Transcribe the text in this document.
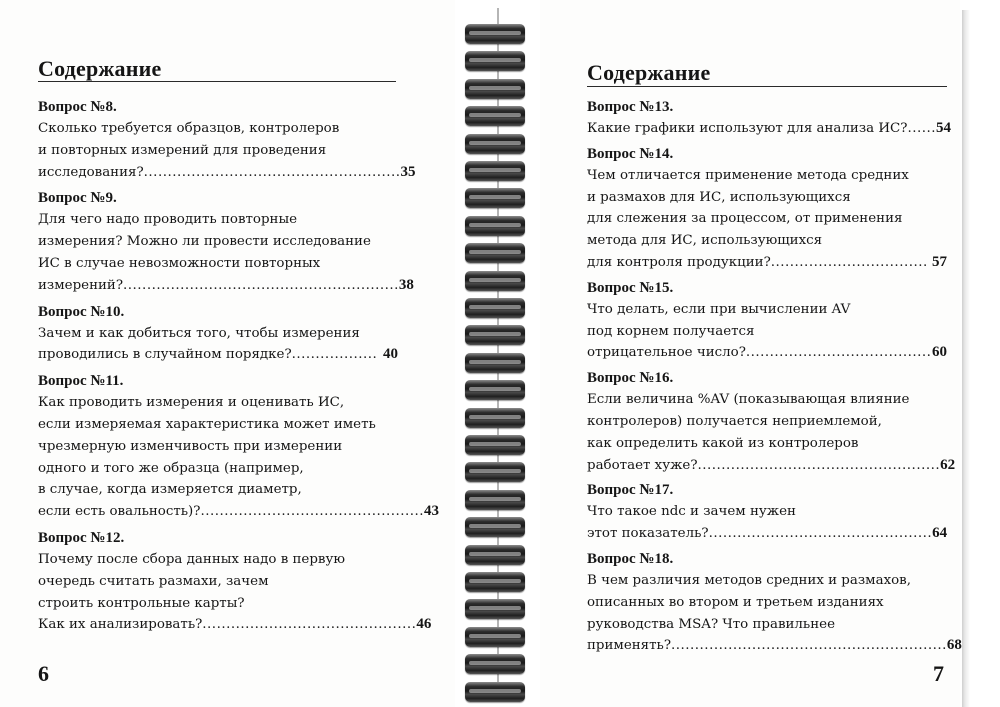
Содержание
Вопрос №8.
Сколько требуется образцов, контролеров
и повторных измерений для проведения
исследования? ...................................................... 35
Вопрос №9.
Для чего надо проводить повторные
измерения? Можно ли провести исследование
ИС в случае невозможности повторных
измерений? .......................................................... 38
Вопрос №10.
Зачем и как добиться того, чтобы измерения
проводились в случайном порядке? .................. 40
Вопрос №11.
Как проводить измерения и оценивать ИС,
если измеряемая характеристика может иметь
чрезмерную изменчивость при измерении
одного и того же образца (например,
в случае, когда измеряется диаметр,
если есть овальность)? ............................................... 43
Вопрос №12.
Почему после сбора данных надо в первую
очередь считать размахи, зачем
строить контрольные карты?
Как их анализировать? ............................................. 46
6
Содержание
Вопрос №13.
Какие графики используют для анализа ИС? ...... 54
Вопрос №14.
Чем отличается применение метода средних
и размахов для ИС, использующихся
для слежения за процессом, от применения
метода для ИС, использующихся
для контроля продукции? ................................. 57
Вопрос №15.
Что делать, если при вычислении AV
под корнем получается
отрицательное число? ....................................... 60
Вопрос №16.
Если величина %AV (показывающая влияние
контролеров) получается неприемлемой,
как определить какой из контролеров
работает хуже? ................................................... 62
Вопрос №17.
Что такое ndc и зачем нужен
этот показатель? ............................................... 64
Вопрос №18.
В чем различия методов средних и размахов,
описанных во втором и третьем изданиях
руководства MSA? Что правильнее
применять? .......................................................... 68
7
